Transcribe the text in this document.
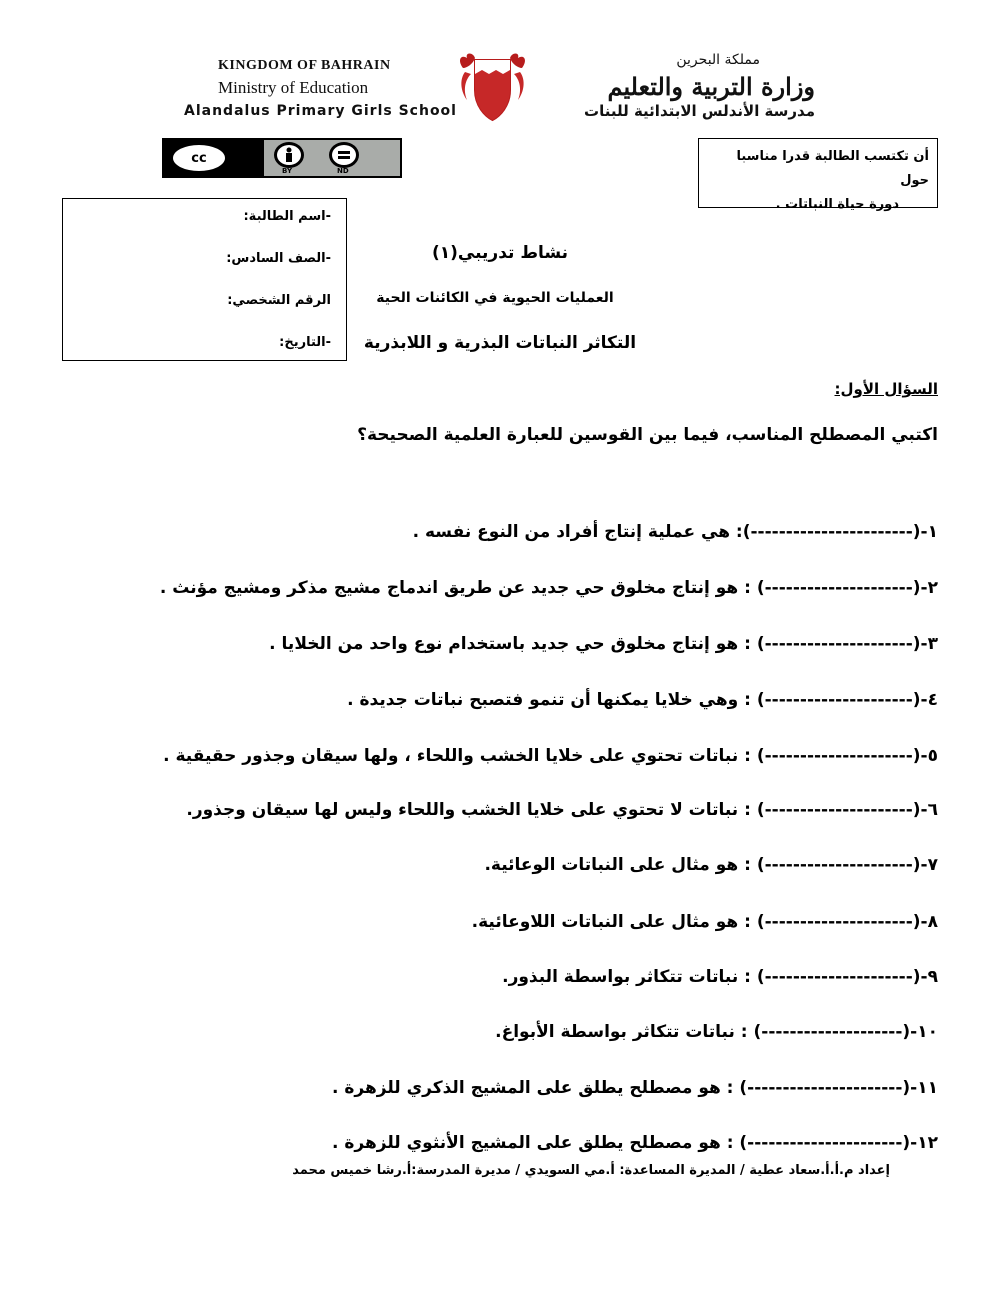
KINGDOM OF BAHRAIN
Ministry of Education
Alandalus Primary Girls School
مملكة البحرين
وزارة التربية والتعليم
مدرسة الأندلس الابتدائية للبنات
cc
BY	ND
أن تكتسب الطالبة قدرا مناسبا حول
دورة حياة النباتات .
-اسم الطالبة:
-الصف السادس:
الرقم الشخصي:
-التاريخ:
نشاط تدريبي(١)
العمليات الحيوية في الكائنات الحية
التكاثر النباتات البذرية و اللابذرية
السؤال الأول:
اكتبي المصطلح المناسب، فيما بين القوسين للعبارة العلمية الصحيحة؟
١-(-----------------------): هي عملية إنتاج أفراد من النوع نفسه .
٢-(---------------------) : هو إنتاج مخلوق حي جديد عن طريق اندماج مشيج مذكر ومشيج مؤنث .
٣-(---------------------) : هو إنتاج مخلوق حي جديد باستخدام نوع واحد من الخلايا .
٤-(---------------------) : وهي خلايا يمكنها أن تنمو فتصبح نباتات جديدة .
٥-(---------------------) : نباتات تحتوي على خلايا الخشب واللحاء ، ولها سيقان وجذور حقيقية .
٦-(---------------------) : نباتات لا تحتوي على خلايا الخشب واللحاء وليس لها سيقان وجذور.
٧-(---------------------) : هو مثال على النباتات الوعائية.
٨-(---------------------) : هو مثال على النباتات اللاوعائية.
٩-(---------------------) : نباتات تتكاثر بواسطة البذور.
١٠-(--------------------) : نباتات تتكاثر بواسطة الأبواغ.
١١-(----------------------) : هو مصطلح يطلق على المشيج الذكري للزهرة .
١٢-(----------------------) : هو مصطلح يطلق على المشيج الأنثوي للزهرة .
إعداد م.أ.أ.سعاد عطية / المديرة المساعدة: أ.مي السويدي / مديرة المدرسة:أ.رشا خميس محمد
